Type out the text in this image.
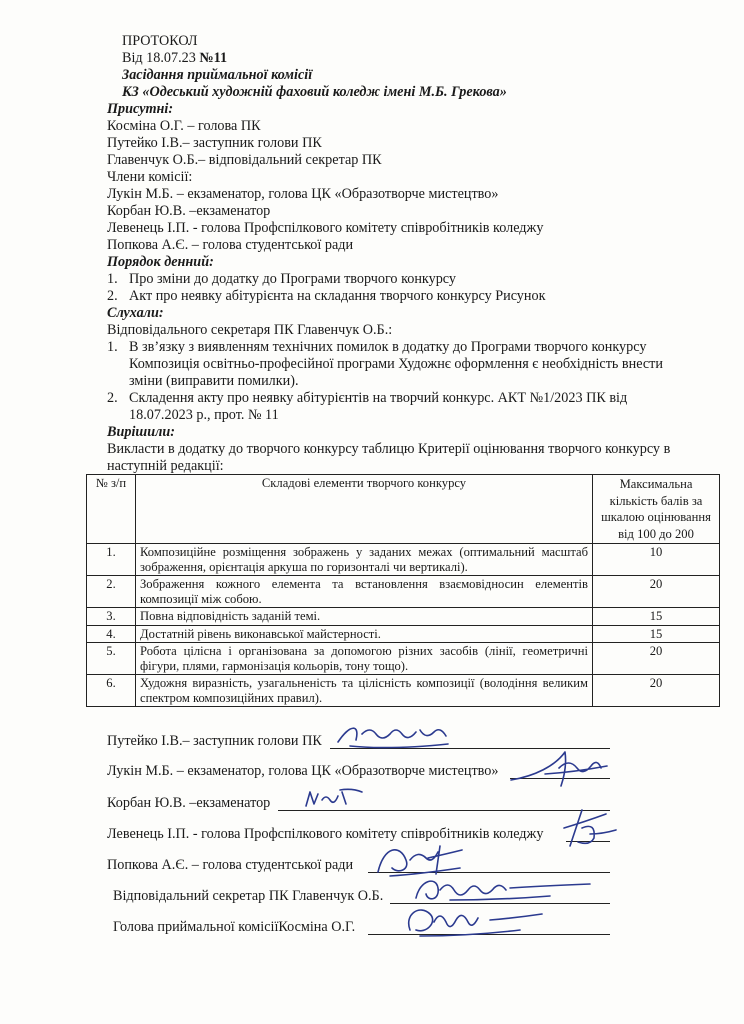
ПРОТОКОЛ
Від 18.07.23 №11
Засідання приймальної комісії
КЗ «Одеський художній фаховий коледж імені М.Б. Грекова»
Присутні:
Косміна О.Г. – голова ПК
Путейко І.В.– заступник голови ПК
Главенчук О.Б.– відповідальний секретар ПК
Члени комісії:
Лукін М.Б. – екзаменатор, голова ЦК «Образотворче мистецтво»
Корбан Ю.В. –екзаменатор
Левенець І.П. - голова Профспілкового комітету співробітників коледжу
Попкова А.Є. – голова студентської ради
Порядок денний:
1. Про зміни до додатку до Програми творчого конкурсу
2. Акт про неявку абітурієнта на складання творчого конкурсу Рисунок
Слухали:
Відповідального секретаря ПК Главенчук О.Б.:
1. В зв’язку з виявленням технічних помилок в додатку до Програми творчого конкурсу
Композиція освітньо-професійної програми Художнє оформлення є необхідність внести
зміни (виправити помилки).
2. Складення акту про неявку абітурієнтів на творчий конкурс. АКТ №1/2023 ПК від
18.07.2023 р., прот. № 11
Вирішили:
Викласти в додатку до творчого конкурсу таблицю Критерії оцінювання творчого конкурсу в
наступній редакції:
№ з/п	Складові елементи творчого конкурсу	Максимальна
кількість балів за
шкалою оцінювання
від 100 до 200

1.	Композиційне розміщення зображень у заданих межах (оптимальний масштаб зображення, орієнтація аркуша по горизонталі чи вертикалі).	10
2.	Зображення кожного елемента та встановлення взаємовідносин елементів композиції між собою.	20
3.	Повна відповідність заданій темі.	15
4.	Достатній рівень виконавської майстерності.	15
5.	Робота цілісна і організована за допомогою різних засобів (лінії, геометричні фігури, плями, гармонізація кольорів, тону тощо).	20
6.	Художня виразність, узагальненість та цілісність композиції (володіння великим спектром композиційних правил).	20
Путейко І.В.– заступник голови ПК
Лукін М.Б. – екзаменатор, голова ЦК «Образотворче мистецтво»
Корбан Ю.В. –екзаменатор
Левенець І.П. - голова Профспілкового комітету співробітників коледжу
Попкова А.Є. – голова студентської ради
Відповідальний секретар ПК Главенчук О.Б.
Голова приймальної комісіїКосміна О.Г.
